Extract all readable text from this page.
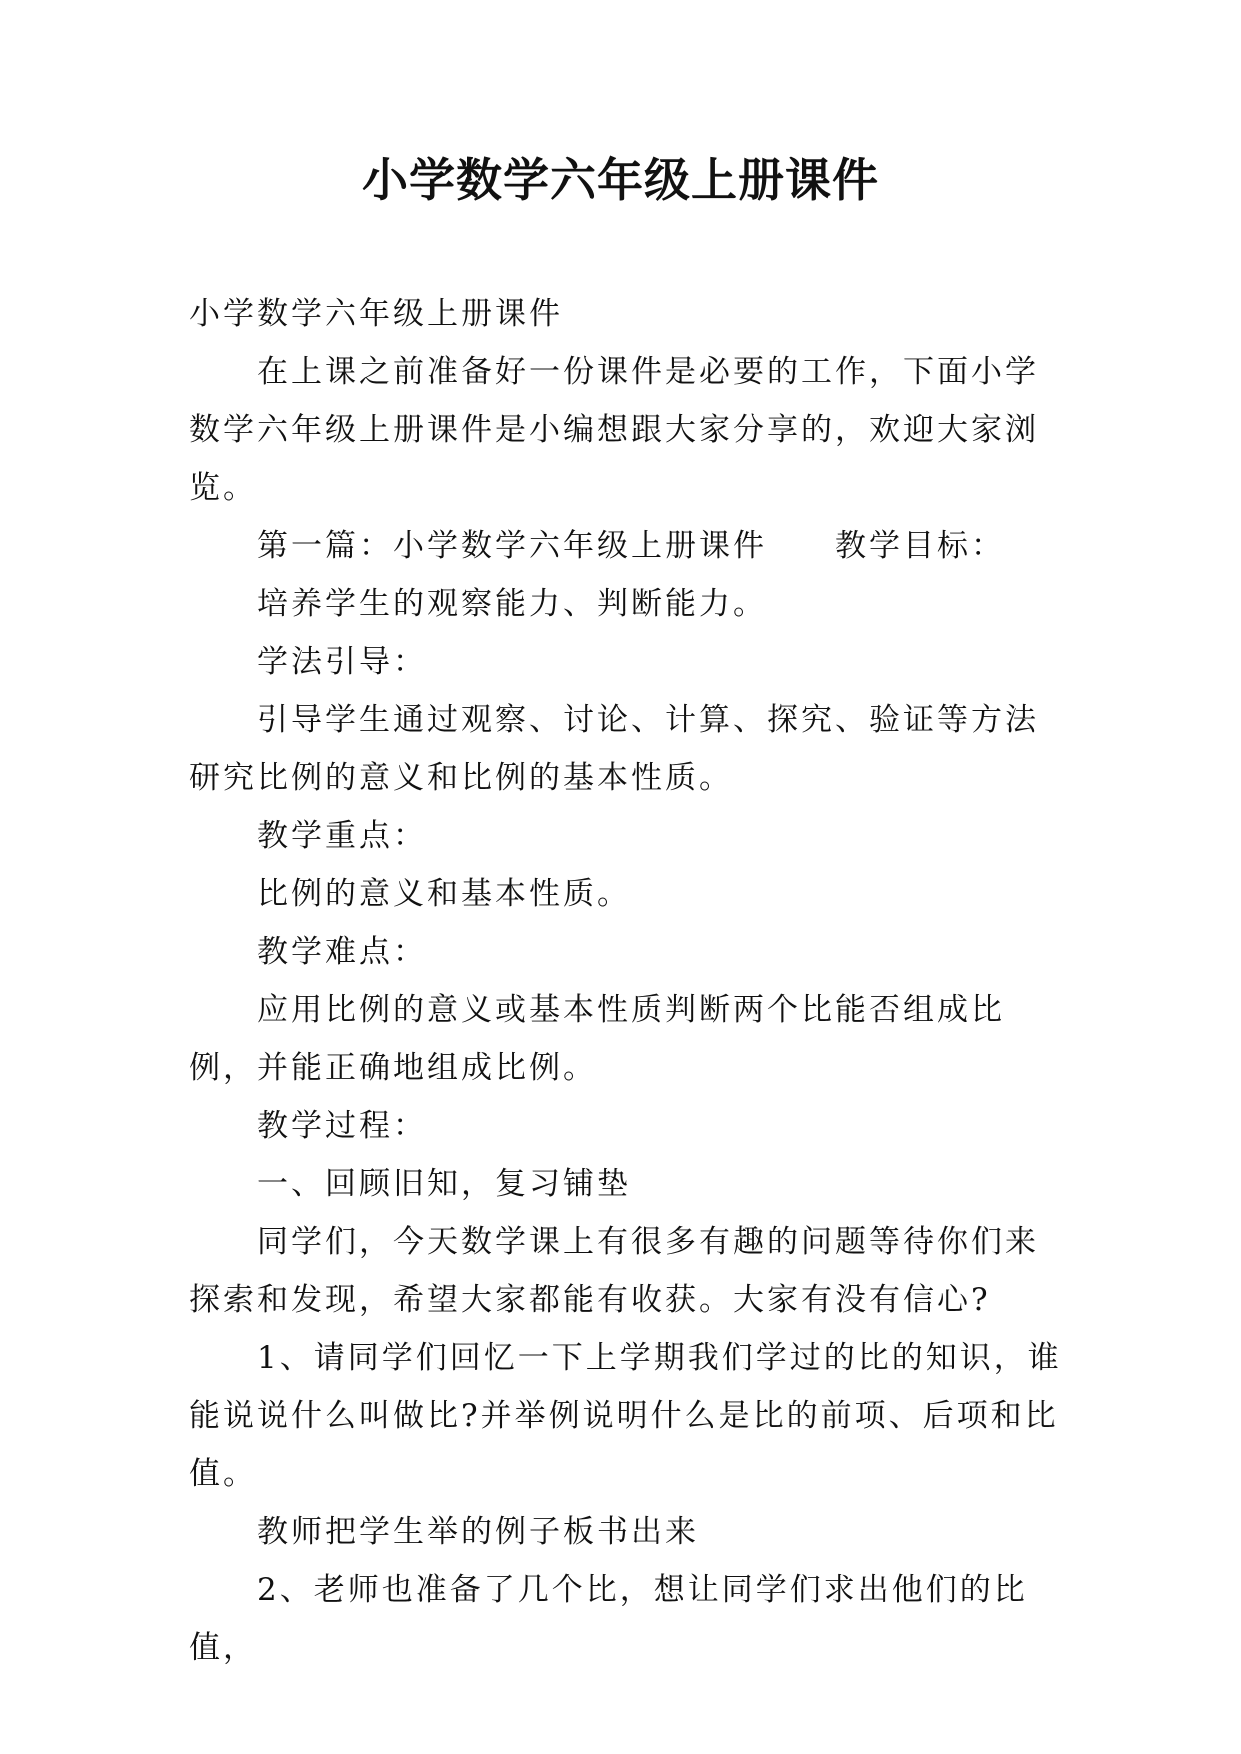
小学数学六年级上册课件

小学数学六年级上册课件

在上课之前准备好一份课件是必要的工作，下面小学数学六年级上册课件是小编想跟大家分享的，欢迎大家浏览。

第一篇：小学数学六年级上册课件　　教学目标：

培养学生的观察能力、判断能力。

学法引导：

引导学生通过观察、讨论、计算、探究、验证等方法研究比例的意义和比例的基本性质。

教学重点：

比例的意义和基本性质。

教学难点：

应用比例的意义或基本性质判断两个比能否组成比例，并能正确地组成比例。

教学过程：

一、回顾旧知，复习铺垫

同学们，今天数学课上有很多有趣的问题等待你们来探索和发现，希望大家都能有收获。大家有没有信心?

1、请同学们回忆一下上学期我们学过的比的知识，谁能说说什么叫做比?并举例说明什么是比的前项、后项和比值。

教师把学生举的例子板书出来

2、老师也准备了几个比，想让同学们求出他们的比值，
